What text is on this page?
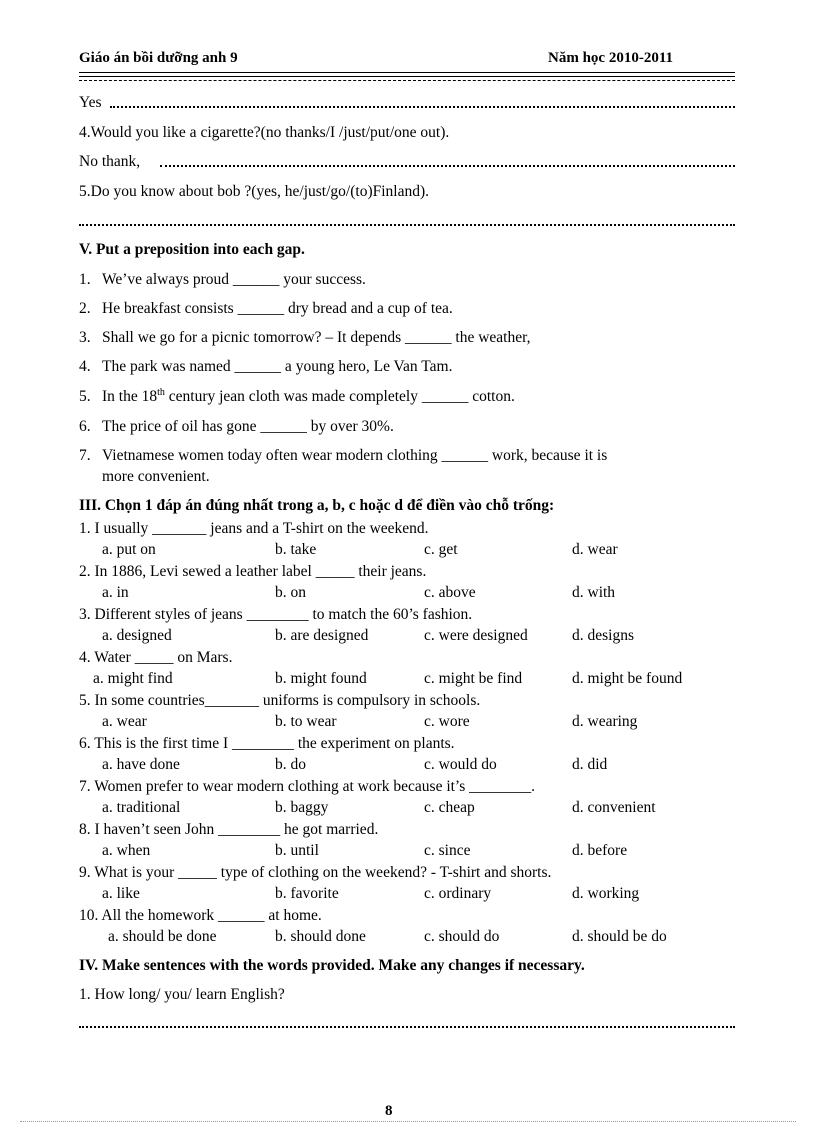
Giáo án bồi dưỡng anh 9	Năm học 2010-2011
Yes
4.Would you like a cigarette?(no thanks/I /just/put/one out).
No thank,
5.Do you know about bob ?(yes, he/just/go/(to)Finland).
V. Put a preposition into each gap.
1. We’ve always proud ______ your success.
2. He breakfast consists ______ dry bread and a cup of tea.
3. Shall we go for a picnic tomorrow? – It depends ______ the weather,
4. The park was named ______ a young hero, Le Van Tam.
5. In the 18th century jean cloth was made completely ______ cotton.
6. The price of oil has gone ______ by over 30%.
7. Vietnamese women today often wear modern clothing ______ work, because it is
more convenient.
III. Chọn 1 đáp án đúng nhất trong a, b, c hoặc d để điền vào chỗ trống:
1. I usually _______ jeans and a T-shirt on the weekend.
a. put on	b. take	c. get	d. wear
2. In 1886, Levi sewed a leather label _____ their jeans.
a. in	b. on	c. above	d. with
3. Different styles of jeans ________ to match the 60’s fashion.
a. designed	b. are designed	c. were designed	d. designs
4. Water _____ on Mars.
a. might find	b. might found	c. might be find	d. might be found
5. In some countries_______ uniforms is compulsory in schools.
a. wear	b. to wear	c. wore	d. wearing
6. This is the first time I ________ the experiment on plants.
a. have done	b. do	c. would do	d. did
7. Women prefer to wear modern clothing at work because it’s ________.
a. traditional	b. baggy	c. cheap	d. convenient
8. I haven’t seen John ________ he got married.
a. when	b. until	c. since	d. before
9. What is your _____ type of clothing on the weekend? - T-shirt and shorts.
a. like	b. favorite	c. ordinary	d. working
10. All the homework ______ at home.
a. should be done	b. should done	c. should do	d. should be do
IV. Make sentences with the words provided. Make any changes if necessary.
1. How long/ you/ learn English?
8
